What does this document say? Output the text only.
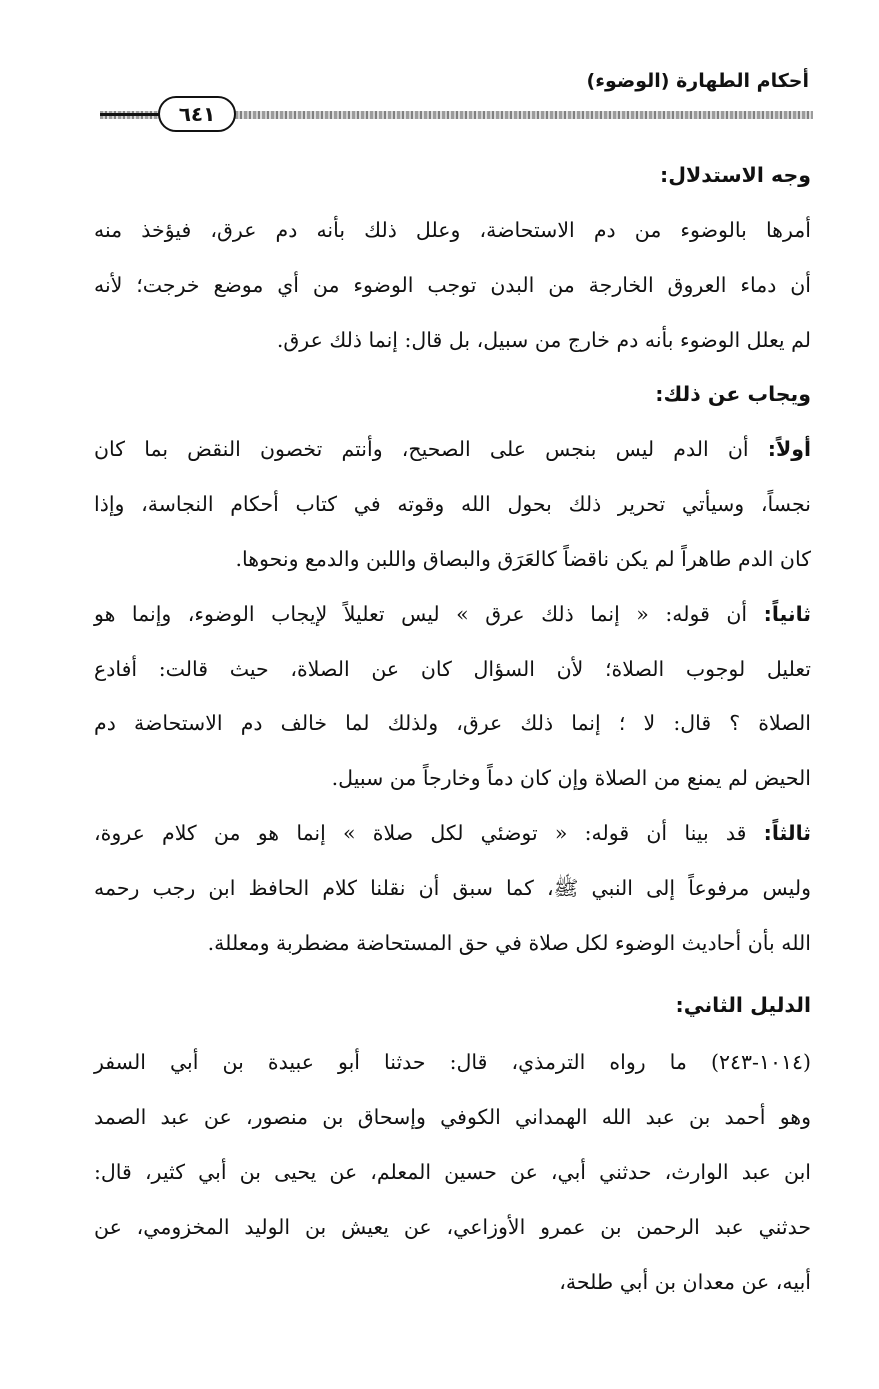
أحكام الطهارة (الوضوء)
٦٤١
وجه الاستدلال:
أمرها بالوضوء من دم الاستحاضة، وعلل ذلك بأنه دم عرق، فيؤخذ منه
أن دماء العروق الخارجة من البدن توجب الوضوء من أي موضع خرجت؛ لأنه
لم يعلل الوضوء بأنه دم خارج من سبيل، بل قال: إنما ذلك عرق.
ويجاب عن ذلك:
أولاً: أن الدم ليس بنجس على الصحيح، وأنتم تخصون النقض بما كان
نجساً، وسيأتي تحرير ذلك بحول الله وقوته في كتاب أحكام النجاسة، وإذا
كان الدم طاهراً لم يكن ناقضاً كالعَرَق والبصاق واللبن والدمع ونحوها.
ثانياً: أن قوله: « إنما ذلك عرق » ليس تعليلاً لإيجاب الوضوء، وإنما هو
تعليل لوجوب الصلاة؛ لأن السؤال كان عن الصلاة، حيث قالت: أفادع
الصلاة ؟ قال: لا ؛ إنما ذلك عرق، ولذلك لما خالف دم الاستحاضة دم
الحيض لم يمنع من الصلاة وإن كان دماً وخارجاً من سبيل.
ثالثاً: قد بينا أن قوله: « توضئي لكل صلاة » إنما هو من كلام عروة،
وليس مرفوعاً إلى النبي ﷺ، كما سبق أن نقلنا كلام الحافظ ابن رجب رحمه
الله بأن أحاديث الوضوء لكل صلاة في حق المستحاضة مضطربة ومعللة.
الدليل الثاني:
(١٠١٤-٢٤٣) ما رواه الترمذي، قال: حدثنا أبو عبيدة بن أبي السفر
وهو أحمد بن عبد الله الهمداني الكوفي وإسحاق بن منصور، عن عبد الصمد
ابن عبد الوارث، حدثني أبي، عن حسين المعلم، عن يحيى بن أبي كثير، قال:
حدثني عبد الرحمن بن عمرو الأوزاعي، عن يعيش بن الوليد المخزومي، عن
أبيه، عن معدان بن أبي طلحة،
